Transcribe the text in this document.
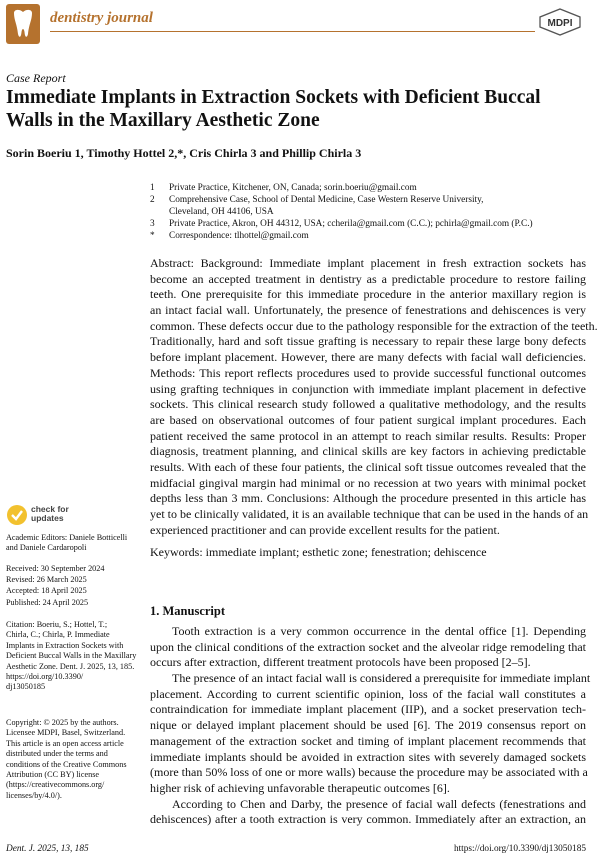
dentistry journal	MDPI
Case Report
Immediate Implants in Extraction Sockets with Deficient Buccal
Walls in the Maxillary Aesthetic Zone
Sorin Boeriu 1, Timothy Hottel 2,*, Cris Chirla 3 and Phillip Chirla 3
1 Private Practice, Kitchener, ON, Canada; sorin.boeriu@gmail.com
2 Comprehensive Case, School of Dental Medicine, Case Western Reserve University,
Cleveland, OH 44106, USA
3 Private Practice, Akron, OH 44312, USA; ccherila@gmail.com (C.C.); pchirla@gmail.com (P.C.)
* Correspondence: tlhottel@gmail.com
Abstract: Background: Immediate implant placement in fresh extraction sockets has
become an accepted treatment in dentistry as a predictable procedure to restore failing
teeth. One prerequisite for this immediate procedure in the anterior maxillary region is
an intact facial wall. Unfortunately, the presence of fenestrations and dehiscences is very
common. These defects occur due to the pathology responsible for the extraction of the teeth.
Traditionally, hard and soft tissue grafting is necessary to repair these large bony defects
before implant placement. However, there are many defects with facial wall deficiencies.
Methods: This report reflects procedures used to provide successful functional outcomes
using grafting techniques in conjunction with immediate implant placement in defective
sockets. This clinical research study followed a qualitative methodology, and the results
are based on observational outcomes of four patient surgical implant procedures. Each
patient received the same protocol in an attempt to reach similar results. Results: Proper
diagnosis, treatment planning, and clinical skills are key factors in achieving predictable
results. With each of these four patients, the clinical soft tissue outcomes revealed that the
midfacial gingival margin had minimal or no recession at two years with minimal pocket
depths less than 3 mm. Conclusions: Although the procedure presented in this article has
yet to be clinically validated, it is an available technique that can be used in the hands of an
experienced practitioner and can provide excellent results for the patient.
Keywords: immediate implant; esthetic zone; fenestration; dehiscence
1. Manuscript
Tooth extraction is a very common occurrence in the dental office [1]. Depending
upon the clinical conditions of the extraction socket and the alveolar ridge remodeling that
occurs after extraction, different treatment protocols have been proposed [2–5].
The presence of an intact facial wall is considered a prerequisite for immediate implant
placement. According to current scientific opinion, loss of the facial wall constitutes a
contraindication for immediate implant placement (IIP), and a socket preservation tech-
nique or delayed implant placement should be used [6]. The 2019 consensus report on
management of the extraction socket and timing of implant placement recommends that
immediate implants should be avoided in extraction sites with severely damaged sockets
(more than 50% loss of one or more walls) because the procedure may be associated with a
higher risk of achieving unfavorable therapeutic outcomes [6].
According to Chen and Darby, the presence of facial wall defects (fenestrations and
dehiscences) after a tooth extraction is very common. Immediately after an extraction, an
check for updates
Academic Editors: Daniele Botticelli
and Daniele Cardaropoli
Received: 30 September 2024
Revised: 26 March 2025
Accepted: 18 April 2025
Published: 24 April 2025
Citation: Boeriu, S.; Hottel, T.;
Chirla, C.; Chirla, P. Immediate
Implants in Extraction Sockets with
Deficient Buccal Walls in the Maxillary
Aesthetic Zone. Dent. J. 2025, 13, 185.
https://doi.org/10.3390/
dj13050185
Copyright: © 2025 by the authors.
Licensee MDPI, Basel, Switzerland.
This article is an open access article
distributed under the terms and
conditions of the Creative Commons
Attribution (CC BY) license
(https://creativecommons.org/
licenses/by/4.0/).
Dent. J. 2025, 13, 185	https://doi.org/10.3390/dj13050185
